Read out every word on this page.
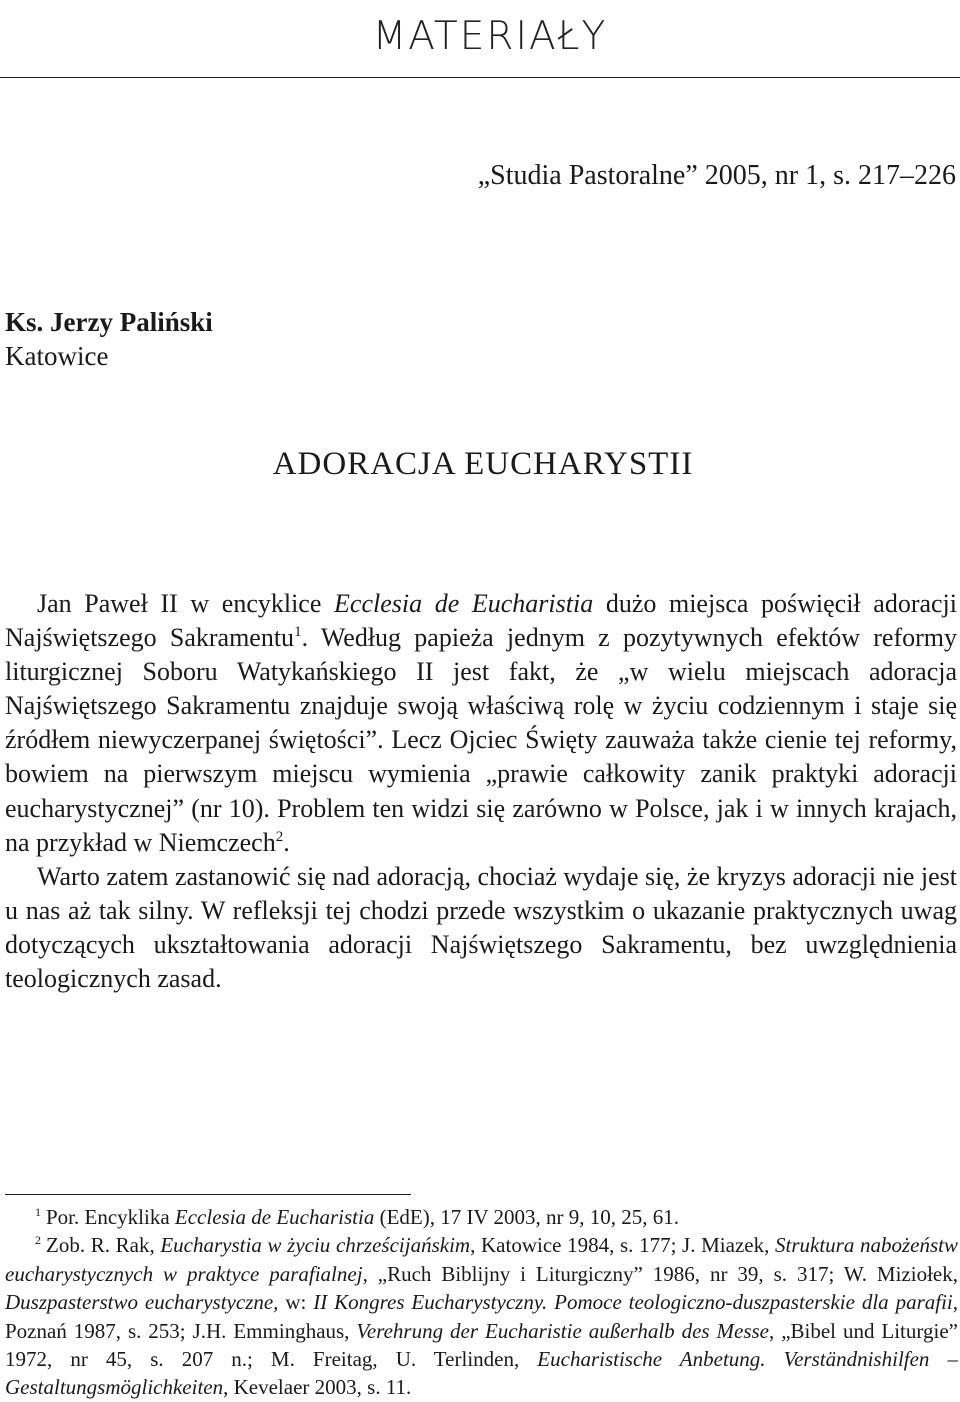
MATERIAŁY
„Studia Pastoralne” 2005, nr 1, s. 217–226
Ks. Jerzy Paliński
Katowice
ADORACJA EUCHARYSTII

Jan Paweł II w encyklice Ecclesia de Eucharistia dużo miejsca poświęcił adoracji Najświętszego Sakramentu$^1$. Według papieża jednym z pozytywnych efektów reformy liturgicznej Soboru Watykańskiego II jest fakt, że „w wielu miejscach adoracja Najświętszego Sakramentu znajduje swoją właściwą rolę w życiu codziennym i staje się źródłem niewyczerpanej świętości”. Lecz Ojciec Święty zauważa także cienie tej reformy, bowiem na pierwszym miejscu wymienia „prawie całkowity zanik praktyki adoracji eucharystycznej” (nr 10). Problem ten widzi się zarówno w Polsce, jak i w innych krajach, na przykład w Niemczech$^2$.

Warto zatem zastanowić się nad adoracją, chociaż wydaje się, że kryzys adoracji nie jest u nas aż tak silny. W refleksji tej chodzi przede wszystkim o ukazanie praktycznych uwag dotyczących ukształtowania adoracji Najświętszego Sakramentu, bez uwzględnienia teologicznych zasad.

$^1$ Por. Encyklika Ecclesia de Eucharistia (EdE), 17 IV 2003, nr 9, 10, 25, 61.

$^2$ Zob. R. Rak, Eucharystia w życiu chrześcijańskim, Katowice 1984, s. 177; J. Miazek, Struktura nabożeństw eucharystycznych w praktyce parafialnej, „Ruch Biblijny i Liturgiczny” 1986, nr 39, s. 317; W. Miziołek, Duszpasterstwo eucharystyczne, w: II Kongres Eucharystyczny. Pomoce teologiczno-duszpasterskie dla parafii, Poznań 1987, s. 253; J.H. Emminghaus, Verehrung der Eucharistie außerhalb des Messe, „Bibel und Liturgie” 1972, nr 45, s. 207 n.; M. Freitag, U. Terlinden, Eucharistische Anbetung. Verständnishilfen – Gestaltungsmöglichkeiten, Kevelaer 2003, s. 11.
